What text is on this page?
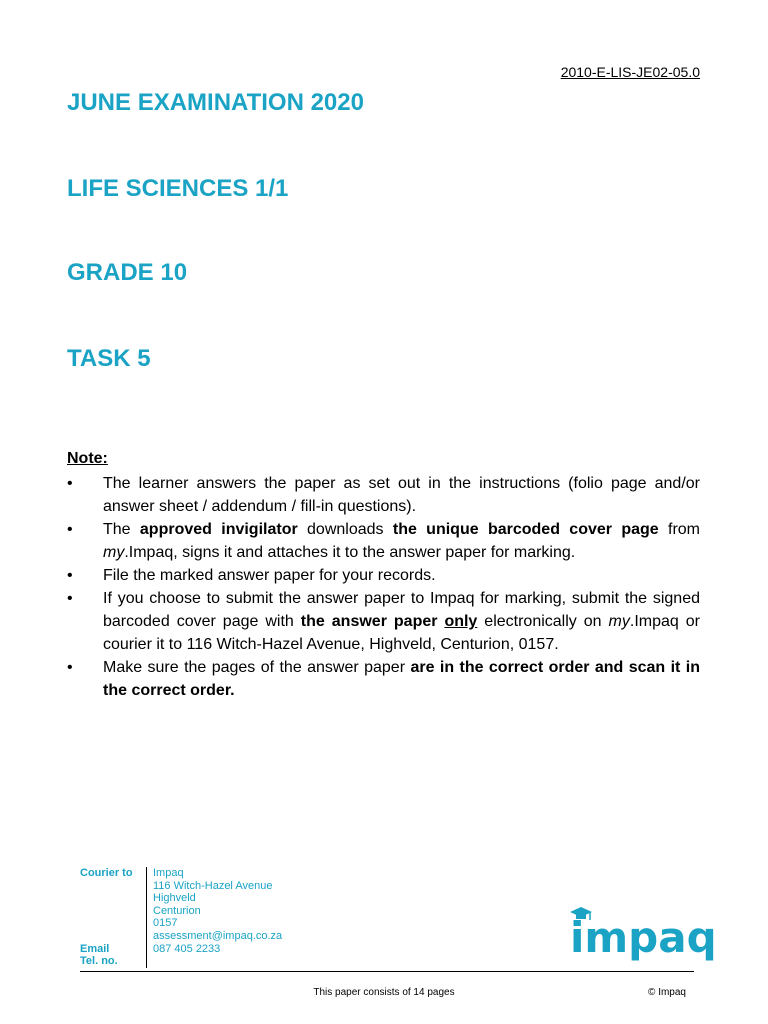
2010-E-LIS-JE02-05.0
JUNE EXAMINATION 2020
LIFE SCIENCES 1/1
GRADE 10
TASK 5
Note:
• The learner answers the paper as set out in the instructions (folio page and/or answer sheet / addendum / fill-in questions).
• The approved invigilator downloads the unique barcoded cover page from my.Impaq, signs it and attaches it to the answer paper for marking.
• File the marked answer paper for your records.
• If you choose to submit the answer paper to Impaq for marking, submit the signed barcoded cover page with the answer paper only electronically on my.Impaq or courier it to 116 Witch-Hazel Avenue, Highveld, Centurion, 0157.
• Make sure the pages of the answer paper are in the correct order and scan it in the correct order.
Courier to
Email
Tel. no.
Impaq
116 Witch-Hazel Avenue
Highveld
Centurion
0157
assessment@impaq.co.za
087 405 2233	impaq
This paper consists of 14 pages	© Impaq
